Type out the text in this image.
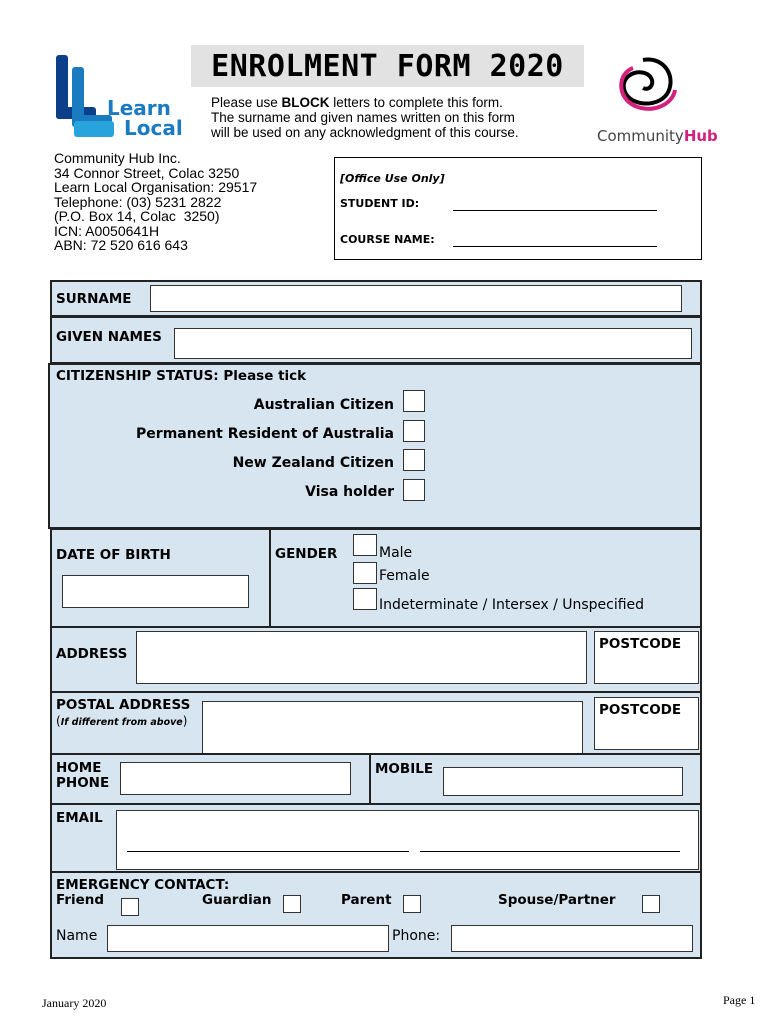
Learn
Local
ENROLMENT FORM 2020
Please use BLOCK letters to complete this form.
The surname and given names written on this form
will be used on any acknowledgment of this course.	CommunityHub
Community Hub Inc.
34 Connor Street, Colac 3250
Learn Local Organisation: 29517
Telephone: (03) 5231 2822
(P.O. Box 14, Colac  3250)
ICN: A0050641H
ABN: 72 520 616 643
[Office Use Only]
STUDENT ID:
COURSE NAME:
SURNAME
GIVEN NAMES
CITIZENSHIP STATUS: Please tick
Australian Citizen
Permanent Resident of Australia
New Zealand Citizen
Visa holder
DATE OF BIRTH	GENDER	Male
Female
Indeterminate / Intersex / Unspecified
ADDRESS
POSTCODE
POSTAL ADDRESS
(If different from above)
POSTCODE
HOME
PHONE
MOBILE
EMAIL
EMERGENCY CONTACT:
Friend	Guardian	Parent	Spouse/Partner
Name	Phone:
January 2020	Page 1
